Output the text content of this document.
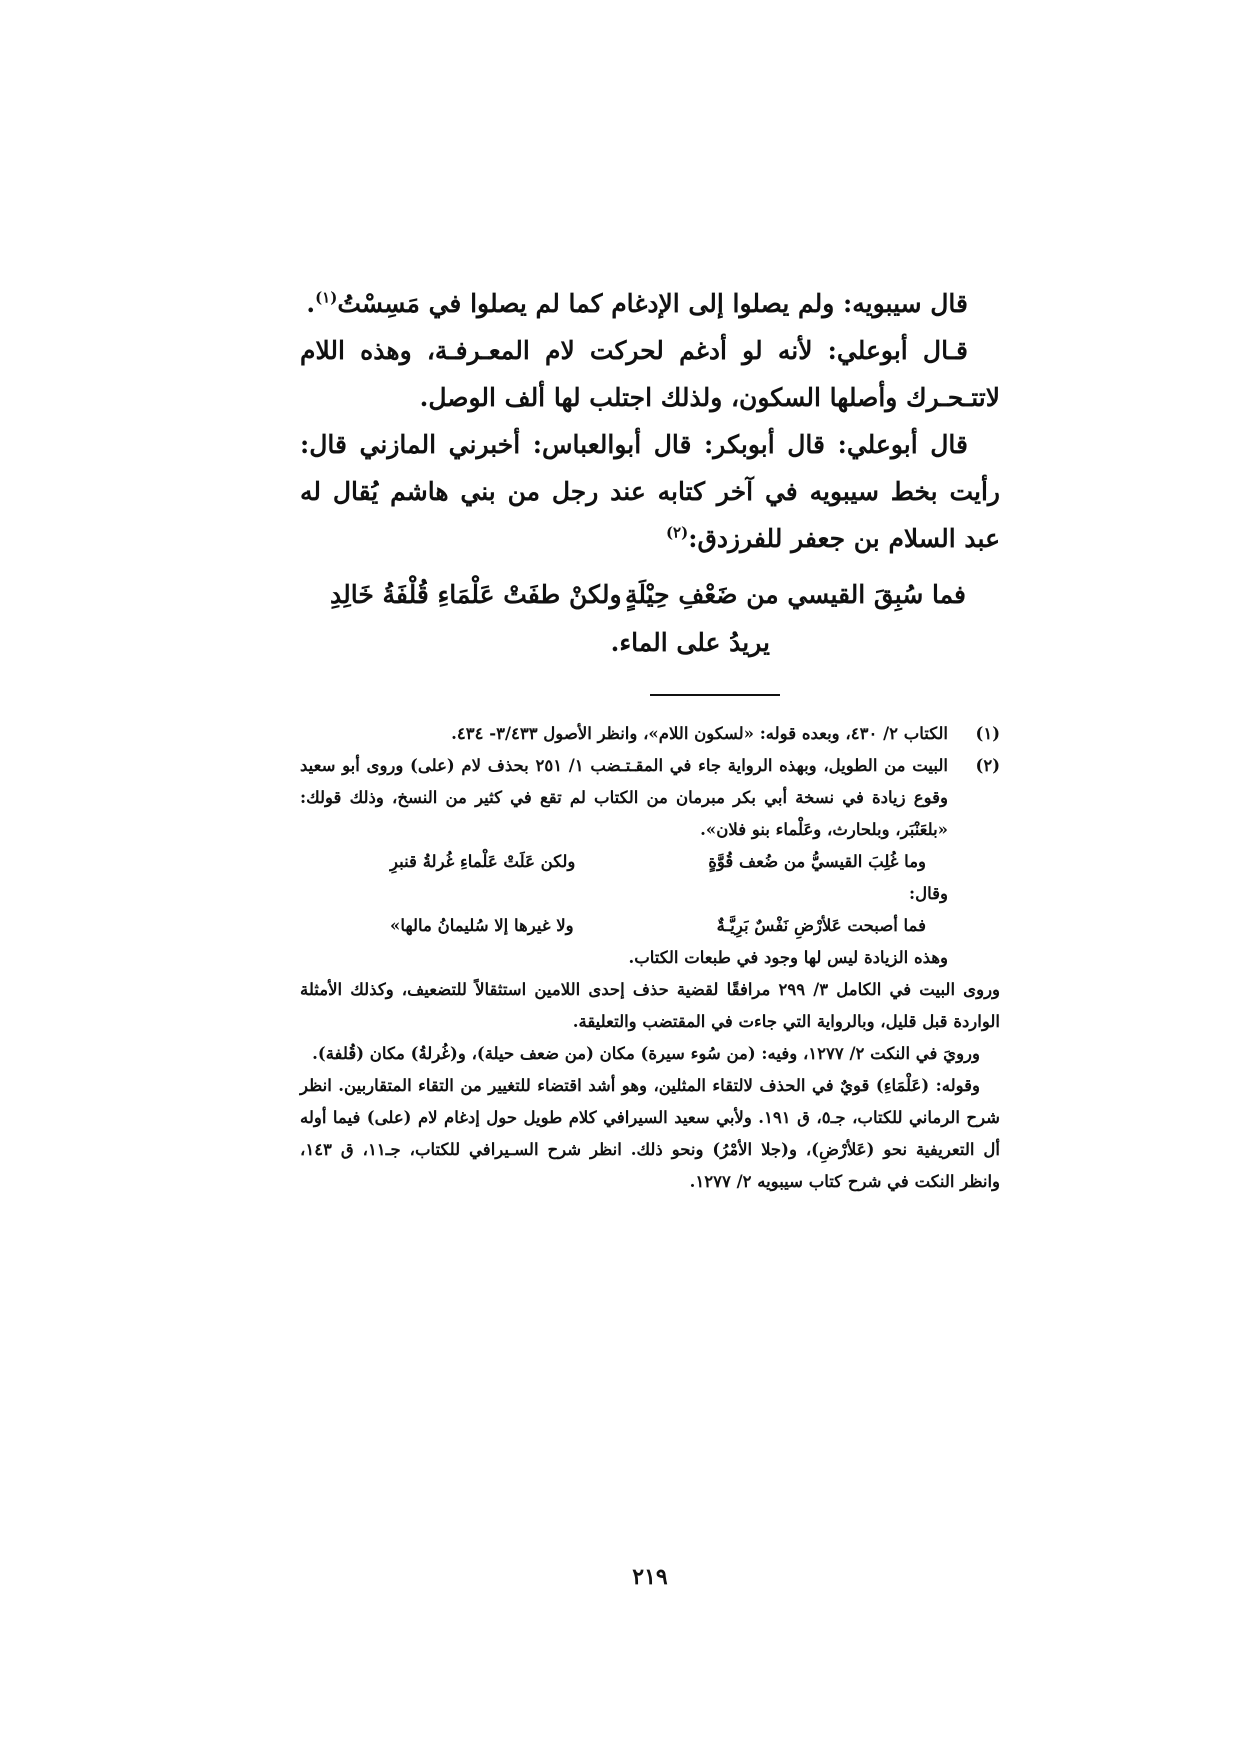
قال سيبويه: ولم يصلوا إلى الإدغام كما لم يصلوا في مَسِسْتُ$^{(١)}$.

قـال أبوعلي: لأنه لو أدغم لحركت لام المعـرفـة، وهذه اللام لاتتـحـرك وأصلها السكون، ولذلك اجتلب لها ألف الوصل.

قال أبوعلي: قال أبوبكر: قال أبوالعباس: أخبرني المازني قال: رأيت بخط سيبويه في آخر كتابه عند رجل من بني هاشم يُقال له عبد السلام بن جعفر للفرزدق:$^{(٢)}$

فما سُبِقَ القيسي من ضَعْفِ حِيْلَةٍ
ولكنْ طفَتْ عَلْمَاءِ قُلْفَةُ خَالِدِ
يريدُ على الماء.
(١)
الكتاب ٢/ ٤٣٠، وبعده قوله: «لسكون اللام»، وانظر الأصول ٣/٤٣٣- ٤٣٤.
(٢)

البيت من الطويل، وبهذه الرواية جاء في المقـتـضب ١/ ٢٥١ بحذف لام (على) وروى أبو سعيد وقوع زيادة في نسخة أبي بكر مبرمان من الكتاب لم تقع في كثير من النسخ، وذلك قولك: «بلعَنْبَر، وبلحارث، وعَلْماء بنو فلان».

وما غُلِبَ القيسيُّ من ضُعف قُوَّةٍ
ولكن عَلَتْ عَلْماءِ غُرلةُ قنبرِ

وقال:

فما أصبحت عَلأرْضِ نَفْسٌ بَرِيَّـةٌ
ولا غيرها إلا سُليمانُ مالها»

وهذه الزيادة ليس لها وجود في طبعات الكتاب.

وروى البيت في الكامل ٣/ ٢٩٩ مرافقًا لقضية حذف إحدى اللامين استثقالاً للتضعيف، وكذلك الأمثلة الواردة قبل قليل، وبالرواية التي جاءت في المقتضب والتعليقة.

ورويَ في النكت ٢/ ١٢٧٧، وفيه: (من سُوء سيرة) مكان (من ضعف حيلة)، و(غُرلةُ) مكان (قُلفة).

وقوله: (عَلْمَاءِ) قويٌ في الحذف لالتقاء المثلين، وهو أشد اقتضاء للتغيير من التقاء المتقاربين. انظر شرح الرماني للكتاب، جـ٥، ق ١٩١. ولأبي سعيد السيرافي كلام طويل حول إدغام لام (على) فيما أوله أل التعريفية نحو (عَلأرْضِ)، و(جلا الأمْرُ) ونحو ذلك. انظر شرح السـيرافي للكتاب، جـ١١، ق ١٤٣، وانظر النكت في شرح كتاب سيبويه ٢/ ١٢٧٧.

٢١٩
